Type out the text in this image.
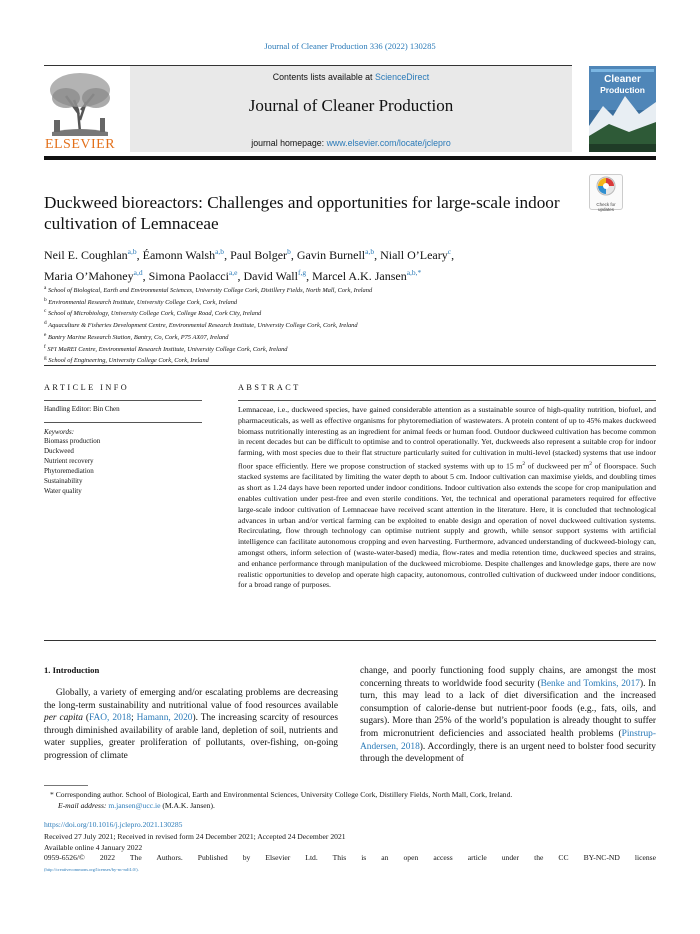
Journal of Cleaner Production 336 (2022) 130285
ELSEVIER
Contents lists available at ScienceDirect
Journal of Cleaner Production
journal homepage: www.elsevier.com/locate/jclepro
Cleaner
Production
Check for updates
Duckweed bioreactors: Challenges and opportunities for large-scale indoor cultivation of Lemnaceae
Neil E. Coughlan$^{a,b}$, Éamonn Walsh$^{a,b}$, Paul Bolger$^b$, Gavin Burnell$^{a,b}$, Niall O’Leary$^c$,
Maria O’Mahoney$^{a,d}$, Simona Paolacci$^{a,e}$, David Wall$^{f,g}$, Marcel A.K. Jansen$^{a,b,*}$
$^a$ School of Biological, Earth and Environmental Sciences, University College Cork, Distillery Fields, North Mall, Cork, Ireland
$^b$ Environmental Research Institute, University College Cork, Cork, Ireland
$^c$ School of Microbiology, University College Cork, College Road, Cork City, Ireland
$^d$ Aquaculture & Fisheries Development Centre, Environmental Research Institute, University College Cork, Cork, Ireland
$^e$ Bantry Marine Research Station, Bantry, Co, Cork, P75 AX07, Ireland
$^f$ SFI MaREI Centre, Environmental Research Institute, University College Cork, Cork, Ireland
$^g$ School of Engineering, University College Cork, Cork, Ireland
ARTICLE INFO
Handling Editor: Bin Chen
Keywords:
Biomass production
Duckweed
Nutrient recovery
Phytoremediation
Sustainability
Water quality
ABSTRACT
Lemnaceae, i.e., duckweed species, have gained considerable attention as a sustainable source of high-quality nutrition, biofuel, and pharmaceuticals, as well as effective organisms for phytoremediation of wastewaters. A protein content of up to 45% makes duckweed biomass nutritionally interesting as an ingredient for animal feeds or human food. Outdoor duckweed cultivation has become common in recent decades but can be difficult to optimise and to control operationally. Yet, duckweeds also represent a suitable crop for indoor farming, with most species due to their flat structure particularly suited for cultivation in multi-level (stacked) systems that use indoor floor space efficiently. Here we propose construction of stacked systems with up to 15 $m^2$ of duckweed per $m^2$ of floorspace. Such stacked systems are facilitated by limiting the water depth to about 5 cm. Indoor cultivation can maximise yields, and doubling times as short as 1.24 days have been reported under indoor conditions. Indoor cultivation also extends the scope for crop manipulation and enables cultivation under pest-free and even sterile conditions. Yet, the technical and operational parameters required for effective large-scale indoor cultivation of Lemnaceae have received scant attention in the literature. Here, it is concluded that technological advances in urban and/or vertical farming can be exploited to enable design and operation of novel duckweed cultivation systems. Recirculating, flow through technology can optimise nutrient supply and growth, while sensor support systems with artificial intelligence can facilitate autonomous cropping and even harvesting. Furthermore, advanced understanding of duckweed-biology can, amongst others, inform selection of (waste-water-based) media, flow-rates and media retention time, duckweed species and strains, and enhance performance through manipulation of the duckweed microbiome. Despite challenges and knowledge gaps, there are now realistic opportunities to develop and operate high capacity, autonomous, controlled cultivation of duckweed under indoor conditions, for a broad range of purposes.
1. Introduction
Globally, a variety of emerging and/or escalating problems are decreasing the long-term sustainability and nutritional value of food resources available per capita (FAO, 2018; Hamann, 2020). The increasing scarcity of resources through diminished availability of arable land, depletion of soil, nutrients and water supplies, greater proliferation of pollutants, over-fishing, on-going progression of climate
change, and poorly functioning food supply chains, are amongst the most concerning threats to worldwide food security (Benke and Tomkins, 2017). In turn, this may lead to a lack of diet diversification and the increased consumption of calorie-dense but nutrient-poor foods (e.g., fats, oils, and sugars). More than 25% of the world’s population is already thought to suffer from micronutrient deficiencies and associated health problems (Pinstrup-Andersen, 2018). Accordingly, there is an urgent need to bolster food security through the development of
* Corresponding author. School of Biological, Earth and Environmental Sciences, University College Cork, Distillery Fields, North Mall, Cork, Ireland.
E-mail address: m.jansen@ucc.ie (M.A.K. Jansen).
https://doi.org/10.1016/j.jclepro.2021.130285
Received 27 July 2021; Received in revised form 24 December 2021; Accepted 24 December 2021
Available online 4 January 2022
0959-6526/© 2022 The Authors. Published by Elsevier Ltd. This is an open access article under the CC BY-NC-ND license
(http://creativecommons.org/licenses/by-nc-nd/4.0/).
